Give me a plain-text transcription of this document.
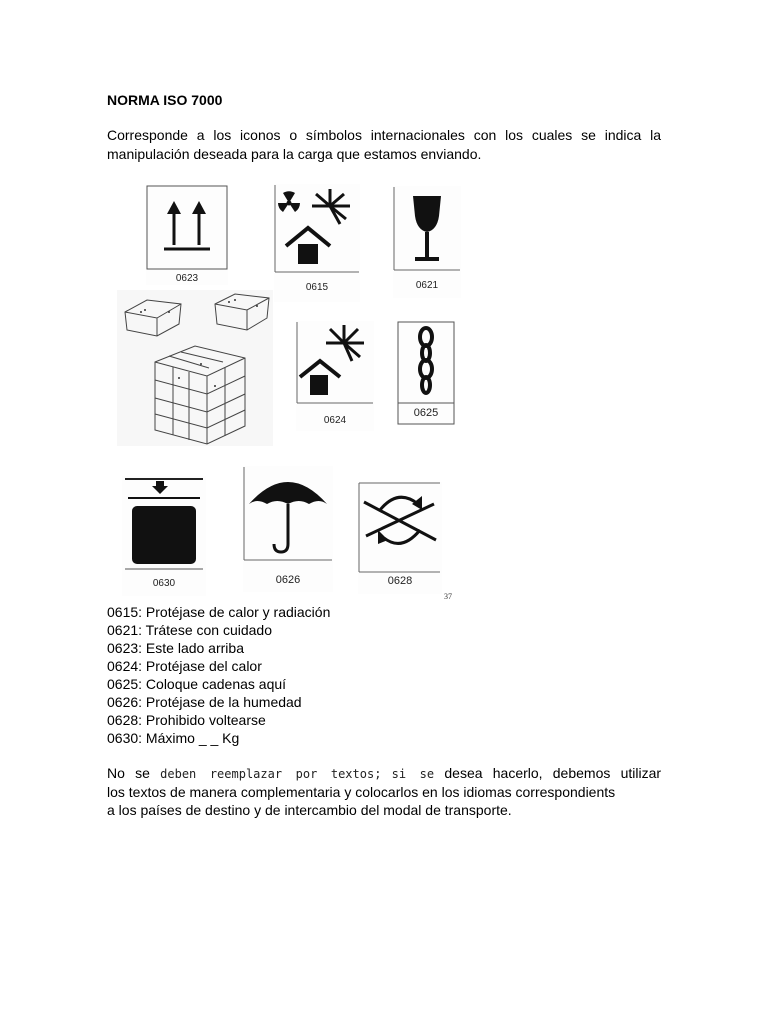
NORMA ISO 7000

Corresponde a los iconos o símbolos internacionales con los cuales se indica la
manipulación deseada para la carga que estamos enviando.

0623
0615	0621
0624
0625
0630	0626	0628
37
0615: Protéjase de calor y radiación
0621: Trátese con cuidado
0623: Este lado arriba
0624: Protéjase del calor
0625: Coloque cadenas aquí
0626: Protéjase de la humedad
0628: Prohibido voltearse
0630: Máximo _ _ Kg

No se deben reemplazar por textos; si se desea hacerlo, debemos utilizar
los textos de manera complementaria y colocarlos en los idiomas correspondients
a los países de destino y de intercambio del modal de transporte.
